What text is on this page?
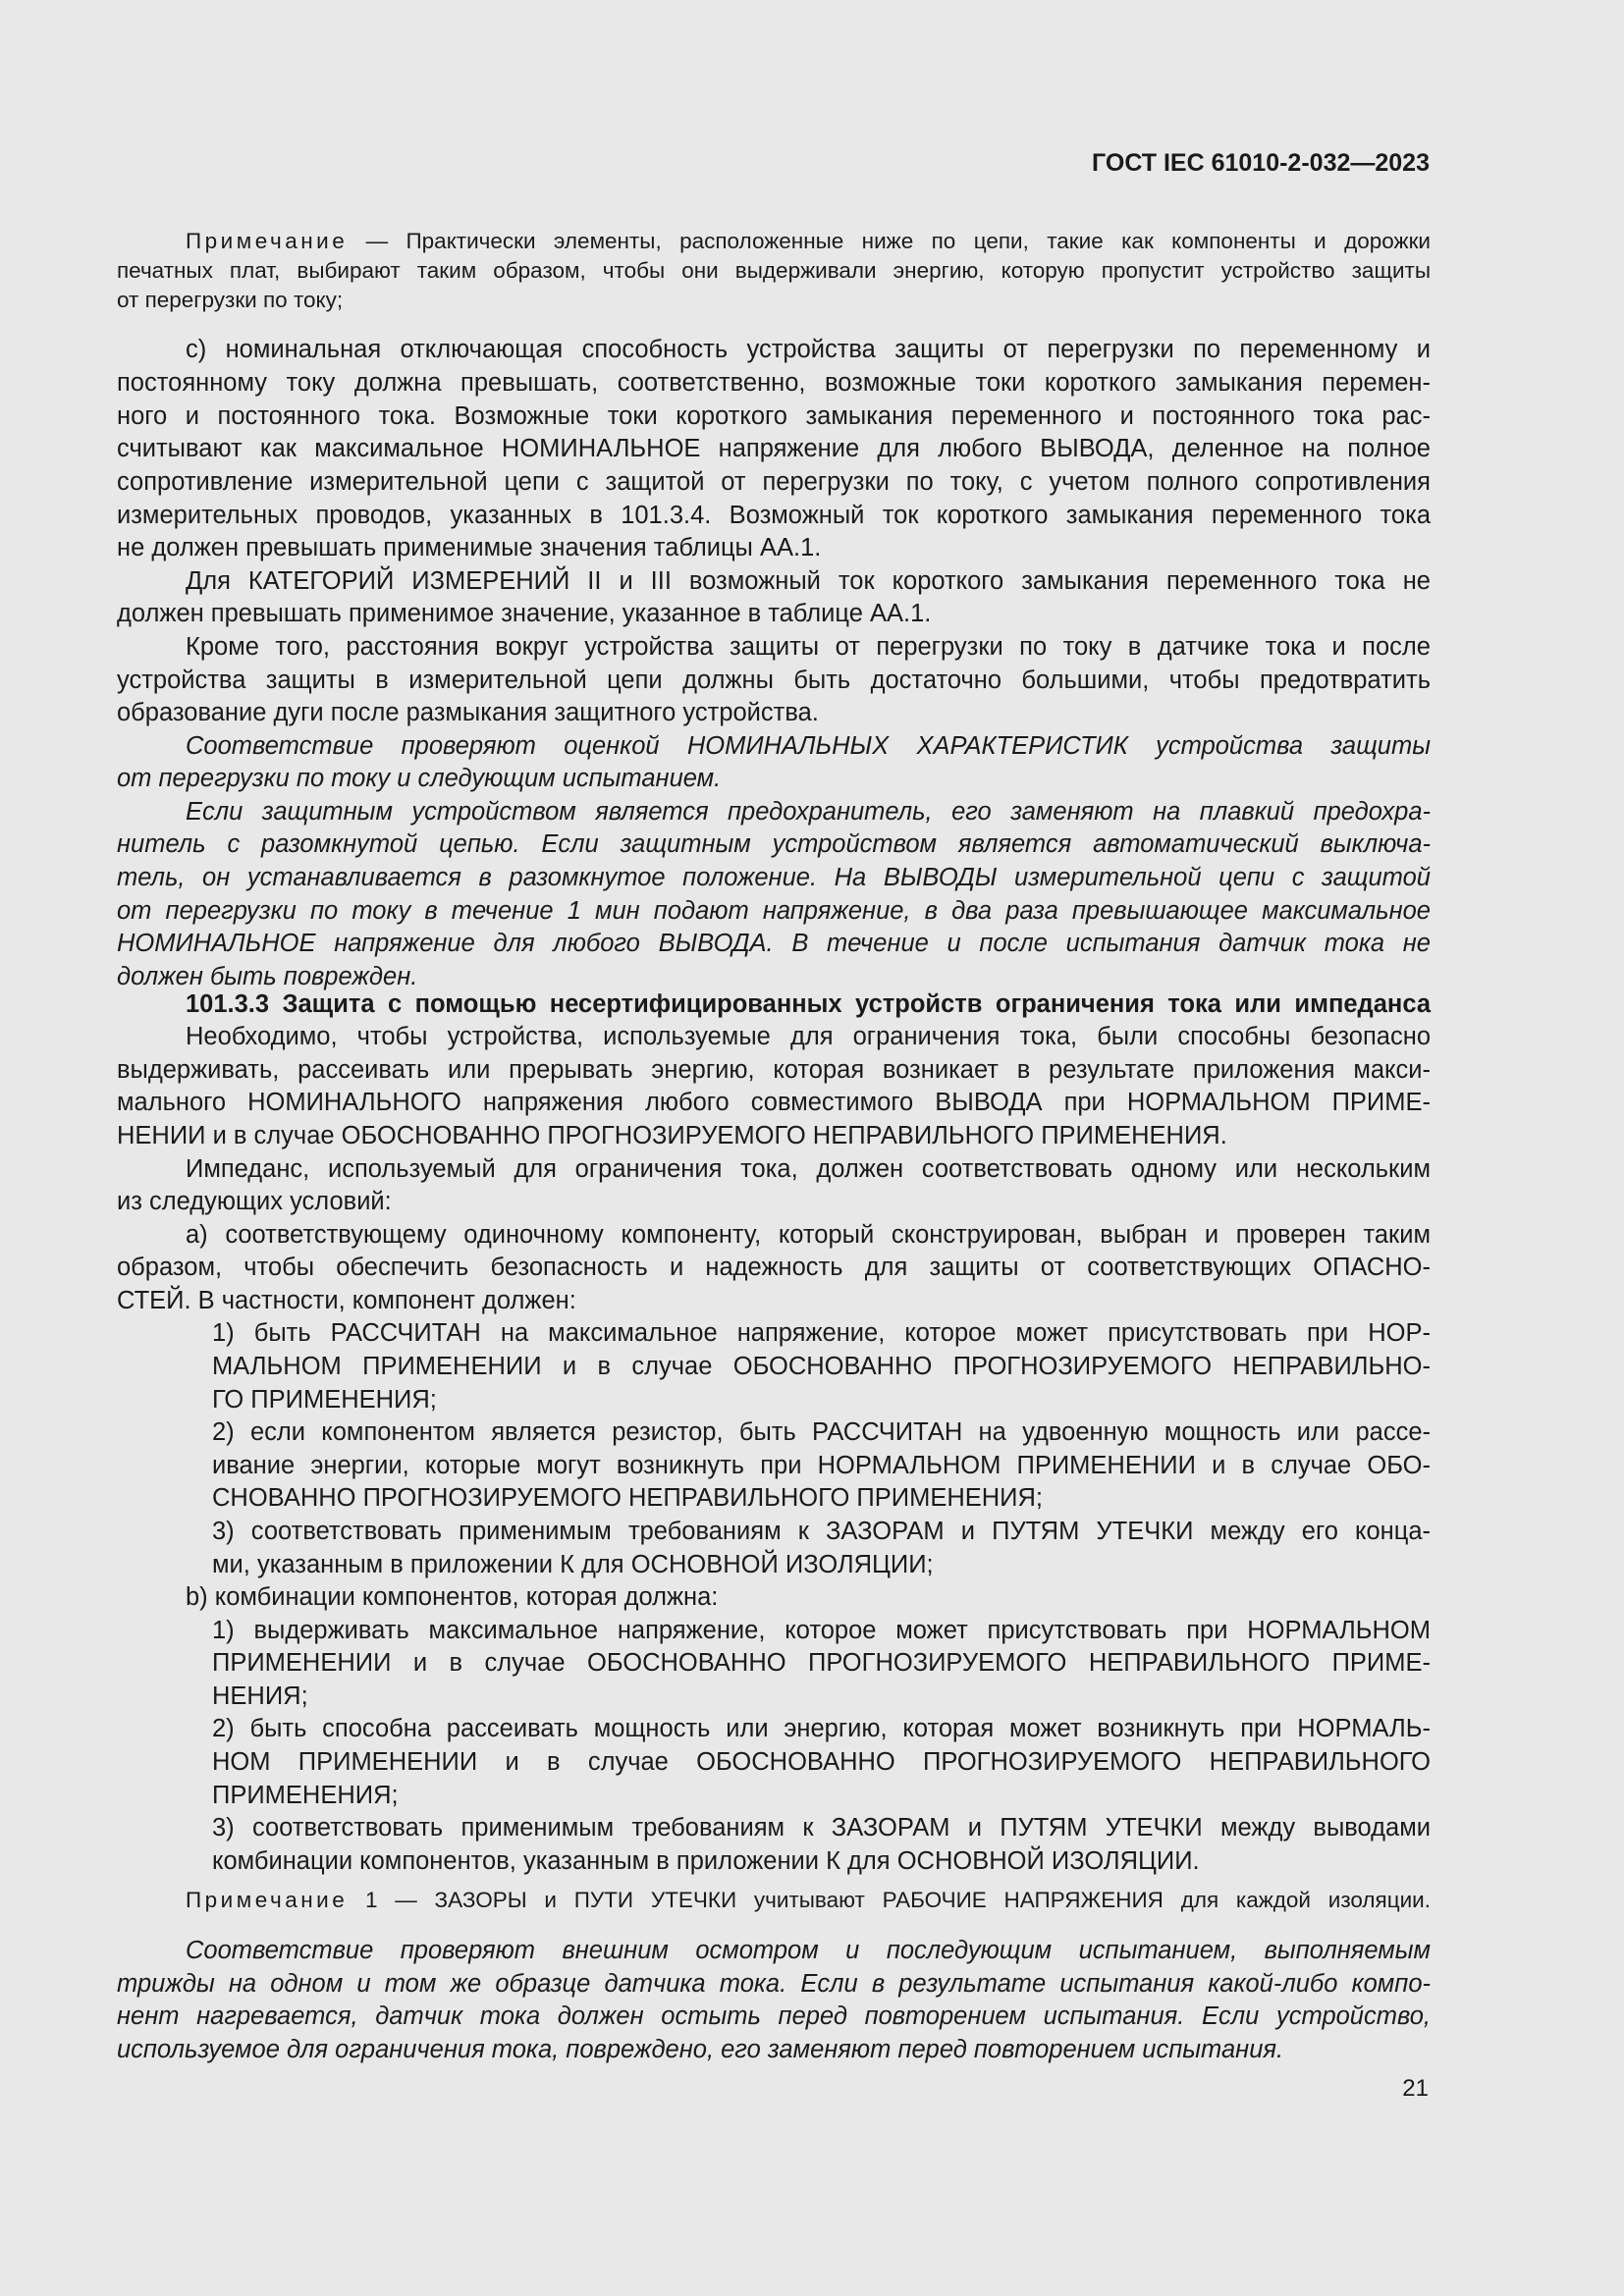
ГОСТ IEC 61010-2-032—2023
Примечание — Практически элементы, расположенные ниже по цепи, такие как компоненты и дорожки
печатных плат, выбирают таким образом, чтобы они выдерживали энергию, которую пропустит устройство защиты
от перегрузки по току;
с) номинальная отключающая способность устройства защиты от перегрузки по переменному и
постоянному току должна превышать, соответственно, возможные токи короткого замыкания перемен-
ного и постоянного тока. Возможные токи короткого замыкания переменного и постоянного тока рас-
считывают как максимальное НОМИНАЛЬНОЕ напряжение для любого ВЫВОДА, деленное на полное
сопротивление измерительной цепи с защитой от перегрузки по току, с учетом полного сопротивления
измерительных проводов, указанных в 101.3.4. Возможный ток короткого замыкания переменного тока
не должен превышать применимые значения таблицы АА.1.
Для КАТЕГОРИЙ ИЗМЕРЕНИЙ II и III возможный ток короткого замыкания переменного тока не
должен превышать применимое значение, указанное в таблице АА.1.
Кроме того, расстояния вокруг устройства защиты от перегрузки по току в датчике тока и после
устройства защиты в измерительной цепи должны быть достаточно большими, чтобы предотвратить
образование дуги после размыкания защитного устройства.
Соответствие проверяют оценкой НОМИНАЛЬНЫХ ХАРАКТЕРИСТИК устройства защиты
от перегрузки по току и следующим испытанием.
Если защитным устройством является предохранитель, его заменяют на плавкий предохра-
нитель с разомкнутой цепью. Если защитным устройством является автоматический выключа-
тель, он устанавливается в разомкнутое положение. На ВЫВОДЫ измерительной цепи с защитой
от перегрузки по току в течение 1 мин подают напряжение, в два раза превышающее максимальное
НОМИНАЛЬНОЕ напряжение для любого ВЫВОДА. В течение и после испытания датчик тока не
должен быть поврежден.
101.3.3 Защита с помощью несертифицированных устройств ограничения тока или импеданса
Необходимо, чтобы устройства, используемые для ограничения тока, были способны безопасно
выдерживать, рассеивать или прерывать энергию, которая возникает в результате приложения макси-
мального НОМИНАЛЬНОГО напряжения любого совместимого ВЫВОДА при НОРМАЛЬНОМ ПРИМЕ-
НЕНИИ и в случае ОБОСНОВАННО ПРОГНОЗИРУЕМОГО НЕПРАВИЛЬНОГО ПРИМЕНЕНИЯ.
Импеданс, используемый для ограничения тока, должен соответствовать одному или нескольким
из следующих условий:
а) соответствующему одиночному компоненту, который сконструирован, выбран и проверен таким
образом, чтобы обеспечить безопасность и надежность для защиты от соответствующих ОПАСНО-
СТЕЙ. В частности, компонент должен:
1) быть РАССЧИТАН на максимальное напряжение, которое может присутствовать при НОР-
МАЛЬНОМ ПРИМЕНЕНИИ и в случае ОБОСНОВАННО ПРОГНОЗИРУЕМОГО НЕПРАВИЛЬНО-
ГО ПРИМЕНЕНИЯ;
2) если компонентом является резистор, быть РАССЧИТАН на удвоенную мощность или рассе-
ивание энергии, которые могут возникнуть при НОРМАЛЬНОМ ПРИМЕНЕНИИ и в случае ОБО-
СНОВАННО ПРОГНОЗИРУЕМОГО НЕПРАВИЛЬНОГО ПРИМЕНЕНИЯ;
3) соответствовать применимым требованиям к ЗАЗОРАМ и ПУТЯМ УТЕЧКИ между его конца-
ми, указанным в приложении К для ОСНОВНОЙ ИЗОЛЯЦИИ;
b) комбинации компонентов, которая должна:
1) выдерживать максимальное напряжение, которое может присутствовать при НОРМАЛЬНОМ
ПРИМЕНЕНИИ и в случае ОБОСНОВАННО ПРОГНОЗИРУЕМОГО НЕПРАВИЛЬНОГО ПРИМЕ-
НЕНИЯ;
2) быть способна рассеивать мощность или энергию, которая может возникнуть при НОРМАЛЬ-
НОМ ПРИМЕНЕНИИ и в случае ОБОСНОВАННО ПРОГНОЗИРУЕМОГО НЕПРАВИЛЬНОГО
ПРИМЕНЕНИЯ;
3) соответствовать применимым требованиям к ЗАЗОРАМ и ПУТЯМ УТЕЧКИ между выводами
комбинации компонентов, указанным в приложении К для ОСНОВНОЙ ИЗОЛЯЦИИ.
Примечание 1 — ЗАЗОРЫ и ПУТИ УТЕЧКИ учитывают РАБОЧИЕ НАПРЯЖЕНИЯ для каждой изоляции.
Соответствие проверяют внешним осмотром и последующим испытанием, выполняемым
трижды на одном и том же образце датчика тока. Если в результате испытания какой-либо компо-
нент нагревается, датчик тока должен остыть перед повторением испытания. Если устройство,
используемое для ограничения тока, повреждено, его заменяют перед повторением испытания.
21
